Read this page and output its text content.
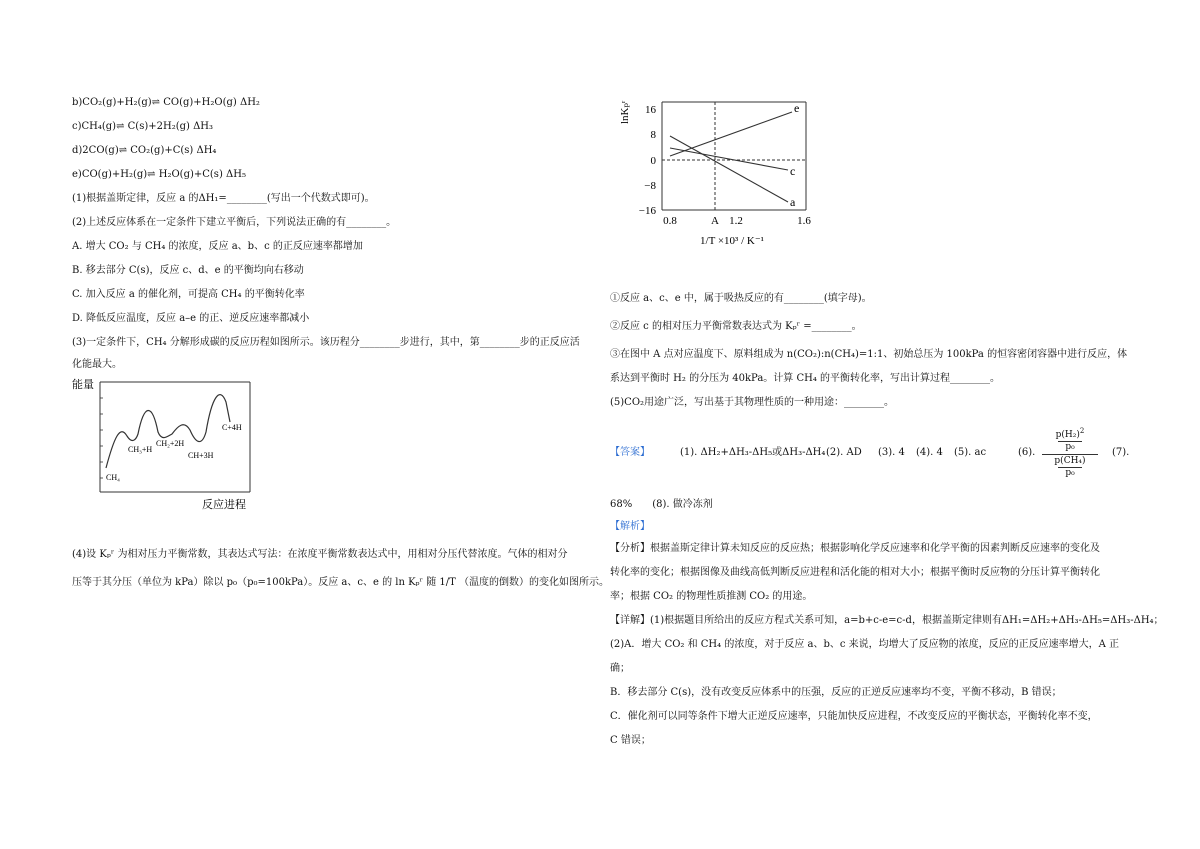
b)CO₂(g)+H₂(g)⇌ CO(g)+H₂O(g) ΔH₂
c)CH₄(g)⇌ C(s)+2H₂(g) ΔH₃
d)2CO(g)⇌ CO₂(g)+C(s) ΔH₄
e)CO(g)+H₂(g)⇌ H₂O(g)+C(s) ΔH₅
(1)根据盖斯定律，反应 a 的ΔH₁=________(写出一个代数式即可)。
(2)上述反应体系在一定条件下建立平衡后，下列说法正确的有________。
A. 增大 CO₂ 与 CH₄ 的浓度，反应 a、b、c 的正反应速率都增加
B. 移去部分 C(s)，反应 c、d、e 的平衡均向右移动
C. 加入反应 a 的催化剂，可提高 CH₄ 的平衡转化率
D. 降低反应温度，反应 a–e 的正、逆反应速率都减小
(3)一定条件下，CH₄ 分解形成碳的反应历程如图所示。该历程分________步进行，其中，第________步的正反应活
化能最大。
能量
CH₄
CH₃+H
CH₂+2H
CH+3H
C+4H
反应进程
(4)设 Kₚʳ 为相对压力平衡常数，其表达式写法：在浓度平衡常数表达式中，用相对分压代替浓度。气体的相对分
压等于其分压（单位为 kPa）除以 p₀（p₀=100kPa）。反应 a、c、e 的 ln Kₚʳ 随 1/T （温度的倒数）的变化如图所示。
lnKₚʳ 16
8
0
−8
−16
0.8	A 1.2	1.6
e
c
a
1/T ×10³ / K⁻¹
①反应 a、c、e 中，属于吸热反应的有________(填字母)。
②反应 c 的相对压力平衡常数表达式为 Kₚʳ =________。
③在图中 A 点对应温度下、原料组成为 n(CO₂):n(CH₄)=1:1、初始总压为 100kPa 的恒容密闭容器中进行反应，体
系达到平衡时 H₂ 的分压为 40kPa。计算 CH₄ 的平衡转化率，写出计算过程________。
(5)CO₂用途广泛，写出基于其物理性质的一种用途：________。
【答案】	(1). ΔH₂+ΔH₃-ΔH₅或ΔH₃-ΔH₄ (2). AD (3). 4 (4). 4 (5). ac	(6).
$p(H_2)^2$
p₀
p(CH₄)
p₀
(7).
68%　　(8). 做冷冻剂
【解析】
【分析】根据盖斯定律计算未知反应的反应热；根据影响化学反应速率和化学平衡的因素判断反应速率的变化及
转化率的变化；根据图像及曲线高低判断反应进程和活化能的相对大小；根据平衡时反应物的分压计算平衡转化
率；根据 CO₂ 的物理性质推测 CO₂ 的用途。
【详解】(1)根据题目所给出的反应方程式关系可知，a=b+c-e=c-d，根据盖斯定律则有ΔH₁=ΔH₂+ΔH₃-ΔH₅=ΔH₃-ΔH₄；
(2)A．增大 CO₂ 和 CH₄ 的浓度，对于反应 a、b、c 来说，均增大了反应物的浓度，反应的正反应速率增大，A 正
确；
B．移去部分 C(s)，没有改变反应体系中的压强，反应的正逆反应速率均不变，平衡不移动，B 错误；
C．催化剂可以同等条件下增大正逆反应速率，只能加快反应进程，不改变反应的平衡状态，平衡转化率不变，
C 错误；
